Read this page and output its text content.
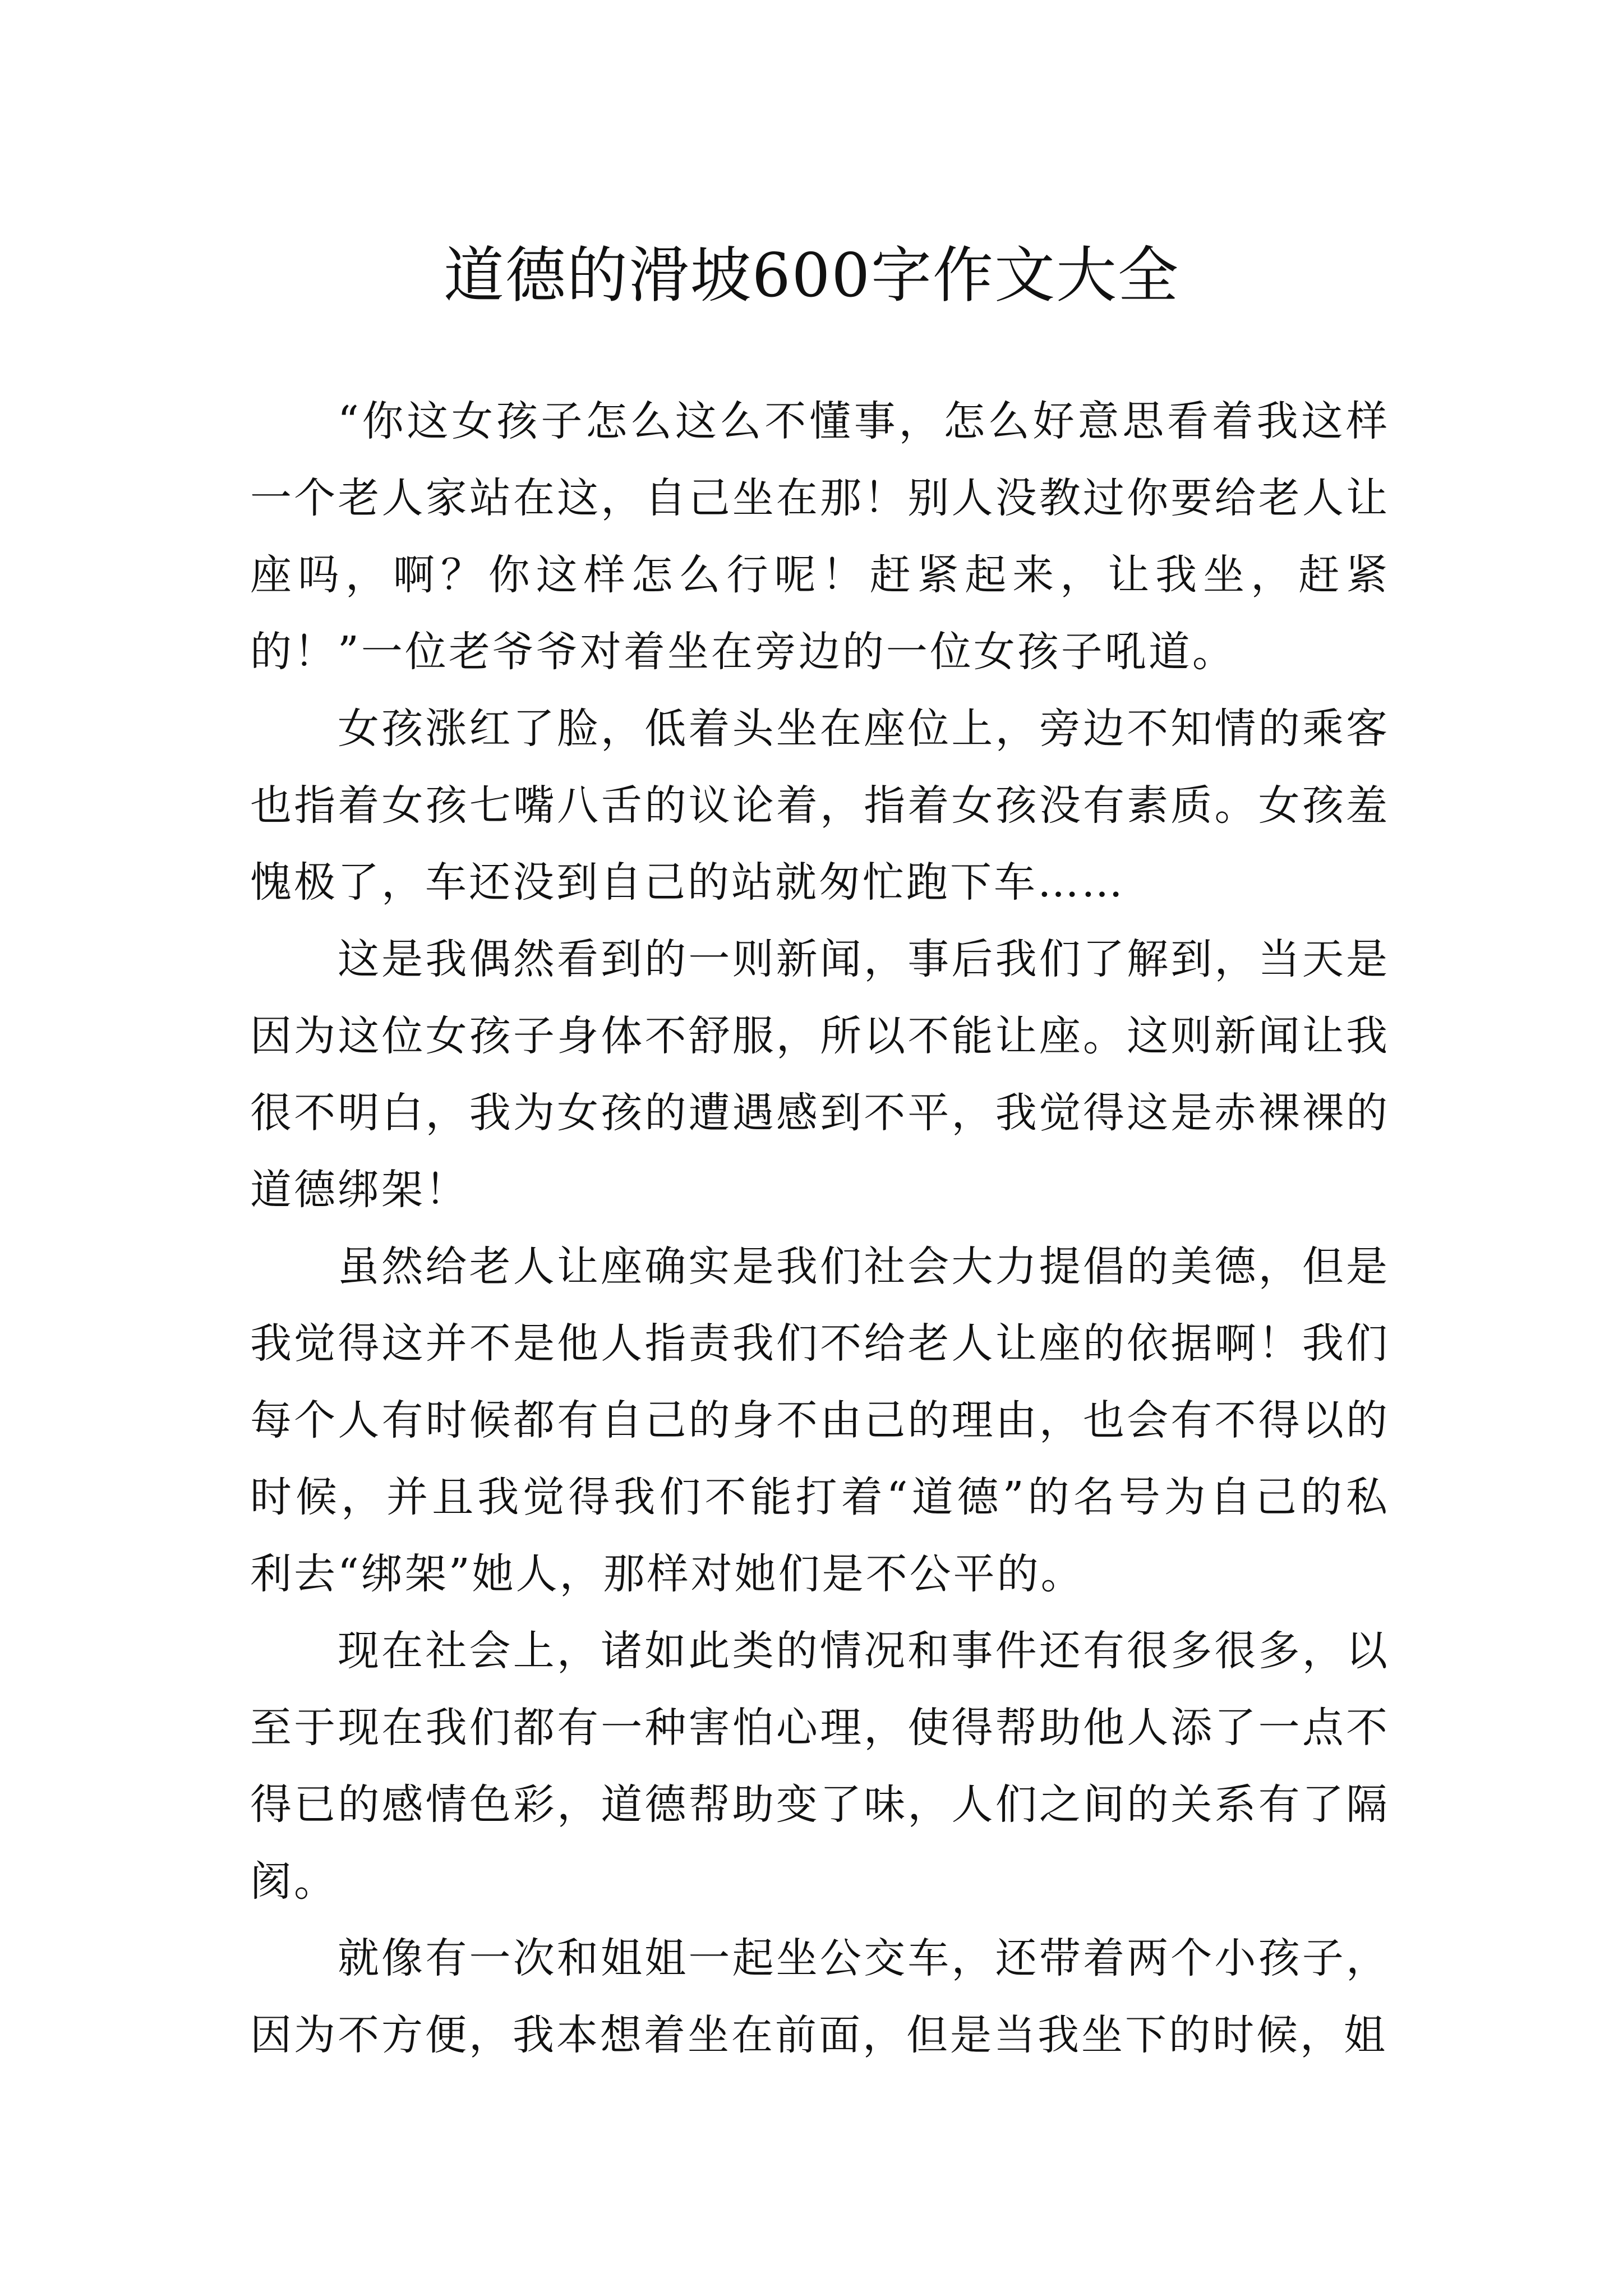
道德的滑坡600字作文大全

“你这女孩子怎么这么不懂事，怎么好意思看着我这样一个老人家站在这，自己坐在那！别人没教过你要给老人让座吗，啊？你这样怎么行呢！赶紧起来，让我坐，赶紧的！”一位老爷爷对着坐在旁边的一位女孩子吼道。

女孩涨红了脸，低着头坐在座位上，旁边不知情的乘客也指着女孩七嘴八舌的议论着，指着女孩没有素质。女孩羞愧极了，车还没到自己的站就匆忙跑下车……

这是我偶然看到的一则新闻，事后我们了解到，当天是因为这位女孩子身体不舒服，所以不能让座。这则新闻让我很不明白，我为女孩的遭遇感到不平，我觉得这是赤裸裸的道德绑架！

虽然给老人让座确实是我们社会大力提倡的美德，但是我觉得这并不是他人指责我们不给老人让座的依据啊！我们每个人有时候都有自己的身不由己的理由，也会有不得以的时候，并且我觉得我们不能打着“道德”的名号为自己的私利去“绑架”她人，那样对她们是不公平的。

现在社会上，诸如此类的情况和事件还有很多很多，以至于现在我们都有一种害怕心理，使得帮助他人添了一点不得已的感情色彩，道德帮助变了味，人们之间的关系有了隔阂。

就像有一次和姐姐一起坐公交车，还带着两个小孩子，因为不方便，我本想着坐在前面，但是当我坐下的时候，姐
